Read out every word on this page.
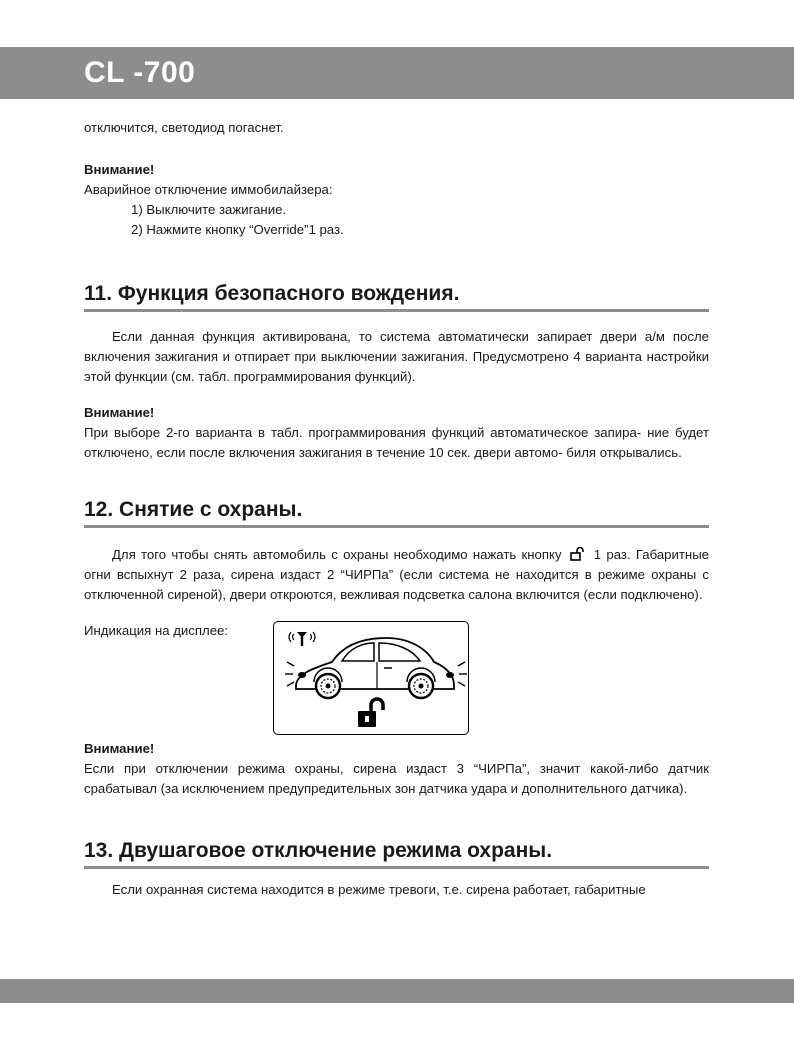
CL -700

отключится, светодиод погаснет.

Внимание!

Аварийное отключение иммобилайзера:

1) Выключите зажигание.
2) Нажмите кнопку “Override”1 раз.
11. Функция безопасного вождения.

Если данная функция активирована, то система автоматически запирает двери а/м после включения зажигания и отпирает при выключении зажигания. Предусмотрено 4 варианта настройки этой функции (см. табл. программирования функций).

Внимание!

При выборе 2-го варианта в табл. программирования функций автоматическое запира- ние будет отключено, если после включения зажигания в течение 10 сек. двери автомо- биля открывались.

12. Снятие с охраны.

Для того чтобы снять автомобиль с охраны необходимо нажать кнопку 1 раз. Габаритные огни вспыхнут 2 раза, сирена издаст 2 “ЧИРПа” (если система не находится в режиме охраны с отключенной сиреной), двери откроются, вежливая подсветка салона включится (если подключено).

Индикация на дисплее:

Внимание!

Если при отключении режима охраны, сирена издаст 3 “ЧИРПа”, значит какой-либо датчик срабатывал (за исключением предупредительных зон датчика удара и дополнительного датчика).

13. Двушаговое отключение режима охраны.

Если охранная система находится в режиме тревоги, т.е. сирена работает, габаритные
